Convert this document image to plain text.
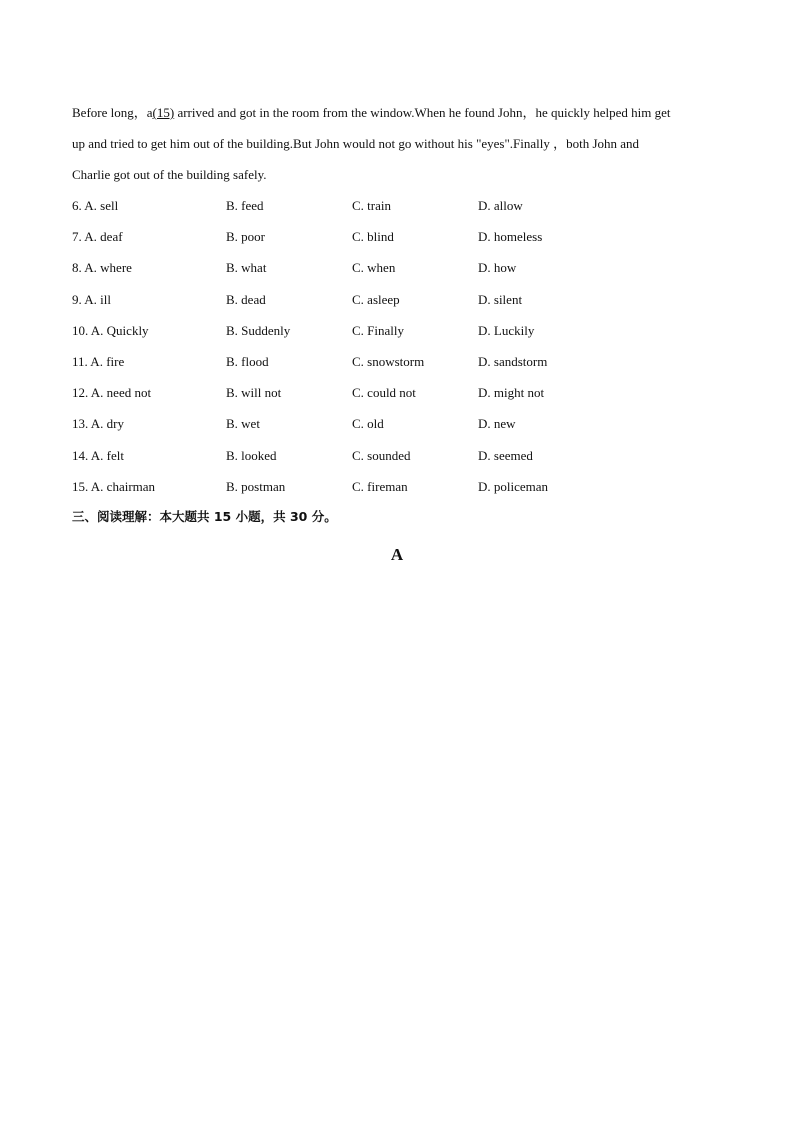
Before long，a(15) arrived and got in the room from the window.When he found John，he quickly helped him get
up and tried to get him out of the building.But John would not go without his "eyes".Finally ，both John and
Charlie got out of the building safely.
6. A. sell	B. feed	C. train	D. allow
7. A. deaf	B. poor	C. blind	D. homeless
8. A. where	B. what	C. when	D. how
9. A. ill	B. dead	C. asleep	D. silent
10. A. Quickly	B. Suddenly	C. Finally	D. Luckily
11. A. fire	B. flood	C. snowstorm	D. sandstorm
12. A. need not	B. will not	C. could not	D. might not
13. A. dry	B. wet	C. old	D. new
14. A. felt	B. looked	C. sounded	D. seemed
15. A. chairman	B. postman	C. fireman	D. policeman
三、阅读理解：本大题共 15 小题，共 30 分。
A
